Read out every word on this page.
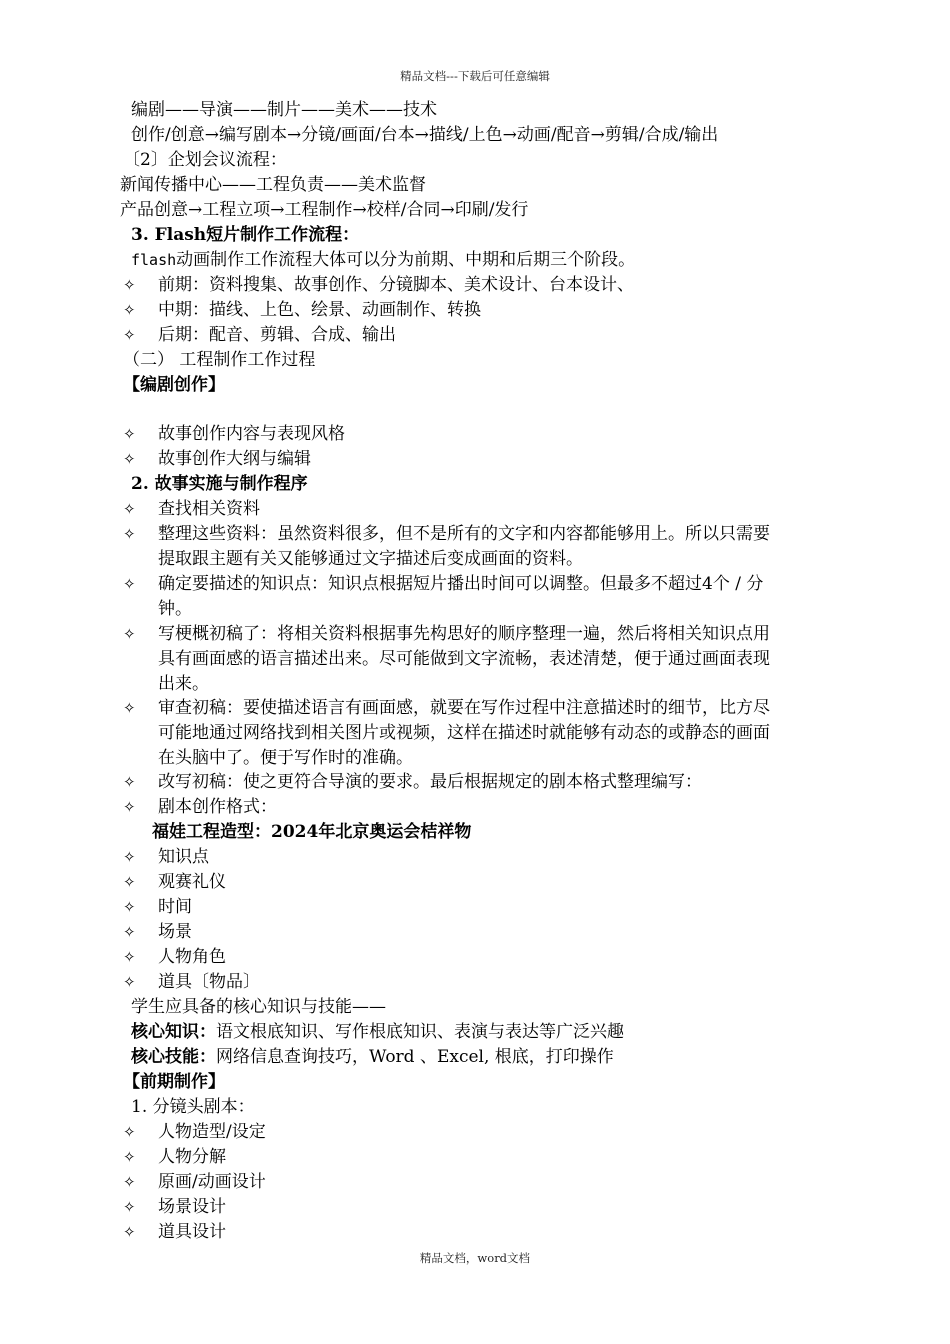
精品文档---下载后可任意编辑
编剧——导演——制片——美术——技术
创作/创意→编写剧本→分镜/画面/台本→描线/上色→动画/配音→剪辑/合成/输出
〔2〕企划会议流程：
新闻传播中心——工程负责——美术监督
产品创意→工程立项→工程制作→校样/合同→印刷/发行
3. Flash短片制作工作流程：
flash动画制作工作流程大体可以分为前期、中期和后期三个阶段。
✧ 前期：资料搜集、故事创作、分镜脚本、美术设计、台本设计、
✧ 中期：描线、上色、绘景、动画制作、转换
✧ 后期：配音、剪辑、合成、输出
（二） 工程制作工作过程
【编剧创作】
✧ 故事创作内容与表现风格
✧ 故事创作大纲与编辑
2. 故事实施与制作程序
✧ 查找相关资料
✧ 整理这些资料：虽然资料很多，但不是所有的文字和内容都能够用上。所以只需要
提取跟主题有关又能够通过文字描述后变成画面的资料。
✧ 确定要描述的知识点：知识点根据短片播出时间可以调整。但最多不超过4个 / 分
钟。
✧ 写梗概初稿了：将相关资料根据事先构思好的顺序整理一遍，然后将相关知识点用
具有画面感的语言描述出来。尽可能做到文字流畅，表述清楚，便于通过画面表现
出来。
✧ 审查初稿：要使描述语言有画面感，就要在写作过程中注意描述时的细节，比方尽
可能地通过网络找到相关图片或视频，这样在描述时就能够有动态的或静态的画面
在头脑中了。便于写作时的准确。
✧ 改写初稿：使之更符合导演的要求。最后根据规定的剧本格式整理编写：
✧ 剧本创作格式：
福娃工程造型：2024年北京奥运会桔祥物
✧ 知识点
✧ 观赛礼仪
✧ 时间
✧ 场景
✧ 人物角色
✧ 道具〔物品〕
学生应具备的核心知识与技能——
核心知识：语文根底知识、写作根底知识、表演与表达等广泛兴趣
核心技能：网络信息查询技巧，Word 、Excel, 根底，打印操作
【前期制作】
1. 分镜头剧本：
✧ 人物造型/设定
✧ 人物分解
✧ 原画/动画设计
✧ 场景设计
✧ 道具设计
精品文档，word文档
